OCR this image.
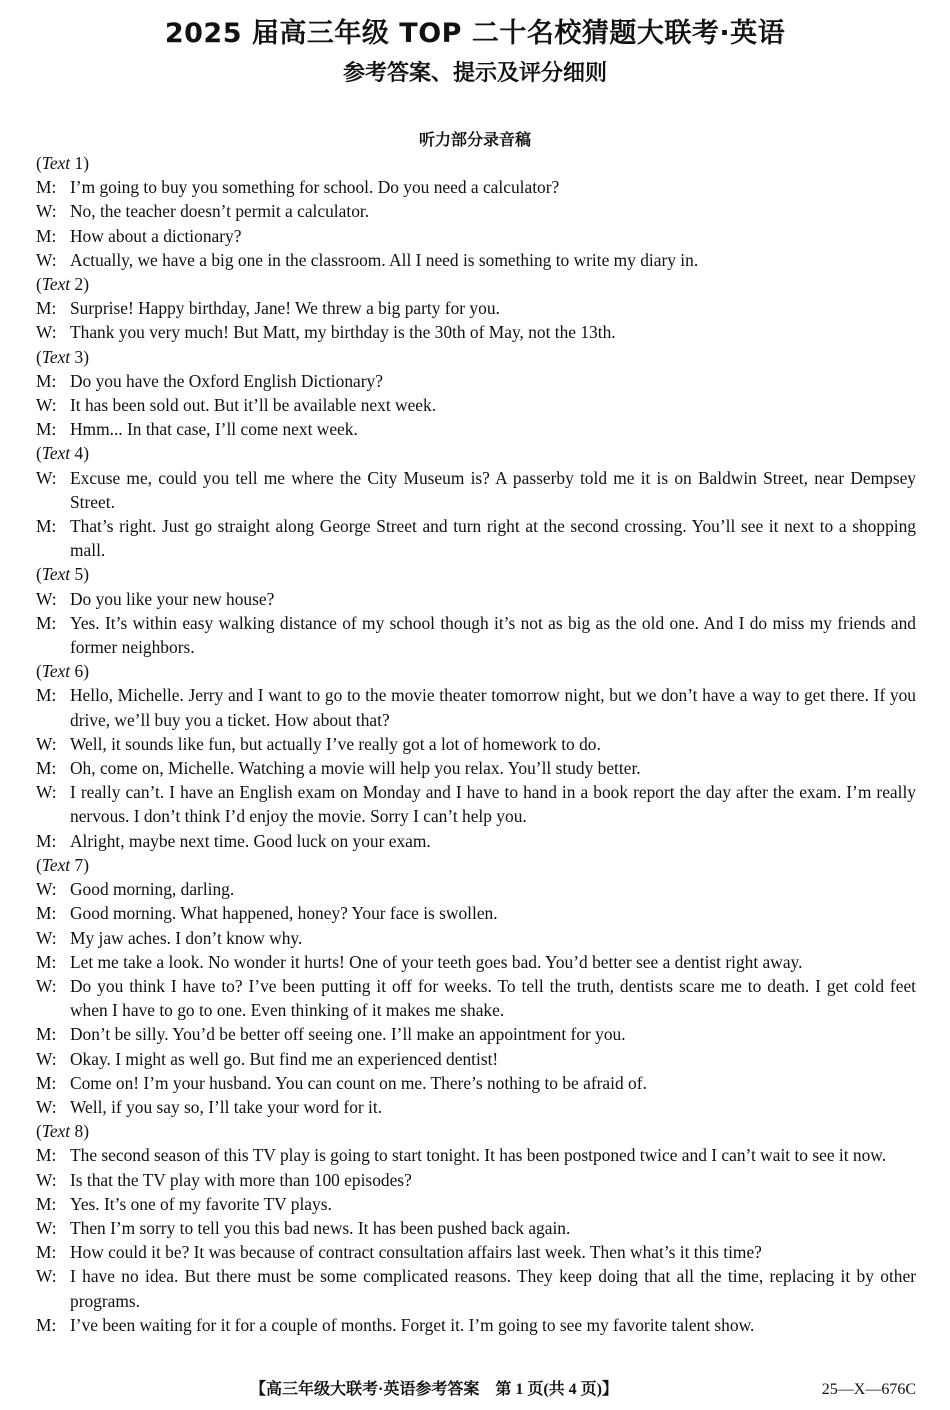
2025 届高三年级 TOP 二十名校猜题大联考·英语
参考答案、提示及评分细则
听力部分录音稿
(Text 1)
M: I’m going to buy you something for school. Do you need a calculator?
W: No, the teacher doesn’t permit a calculator.
M: How about a dictionary?
W: Actually, we have a big one in the classroom. All I need is something to write my diary in.
(Text 2)
M: Surprise! Happy birthday, Jane! We threw a big party for you.
W: Thank you very much! But Matt, my birthday is the 30th of May, not the 13th.
(Text 3)
M: Do you have the Oxford English Dictionary?
W: It has been sold out. But it’ll be available next week.
M: Hmm... In that case, I’ll come next week.
(Text 4)
W: Excuse me, could you tell me where the City Museum is? A passerby told me it is on Baldwin Street, near Dempsey Street.
M: That’s right. Just go straight along George Street and turn right at the second crossing. You’ll see it next to a shopping mall.
(Text 5)
W: Do you like your new house?
M: Yes. It’s within easy walking distance of my school though it’s not as big as the old one. And I do miss my friends and former neighbors.
(Text 6)
M: Hello, Michelle. Jerry and I want to go to the movie theater tomorrow night, but we don’t have a way to get there. If you drive, we’ll buy you a ticket. How about that?
W: Well, it sounds like fun, but actually I’ve really got a lot of homework to do.
M: Oh, come on, Michelle. Watching a movie will help you relax. You’ll study better.
W: I really can’t. I have an English exam on Monday and I have to hand in a book report the day after the exam. I’m really nervous. I don’t think I’d enjoy the movie. Sorry I can’t help you.
M: Alright, maybe next time. Good luck on your exam.
(Text 7)
W: Good morning, darling.
M: Good morning. What happened, honey? Your face is swollen.
W: My jaw aches. I don’t know why.
M: Let me take a look. No wonder it hurts! One of your teeth goes bad. You’d better see a dentist right away.
W: Do you think I have to? I’ve been putting it off for weeks. To tell the truth, dentists scare me to death. I get cold feet when I have to go to one. Even thinking of it makes me shake.
M: Don’t be silly. You’d be better off seeing one. I’ll make an appointment for you.
W: Okay. I might as well go. But find me an experienced dentist!
M: Come on! I’m your husband. You can count on me. There’s nothing to be afraid of.
W: Well, if you say so, I’ll take your word for it.
(Text 8)
M: The second season of this TV play is going to start tonight. It has been postponed twice and I can’t wait to see it now.
W: Is that the TV play with more than 100 episodes?
M: Yes. It’s one of my favorite TV plays.
W: Then I’m sorry to tell you this bad news. It has been pushed back again.
M: How could it be? It was because of contract consultation affairs last week. Then what’s it this time?
W: I have no idea. But there must be some complicated reasons. They keep doing that all the time, replacing it by other programs.
M: I’ve been waiting for it for a couple of months. Forget it. I’m going to see my favorite talent show.
【高三年级大联考·英语参考答案　第 1 页(共 4 页)】	25—X—676C
